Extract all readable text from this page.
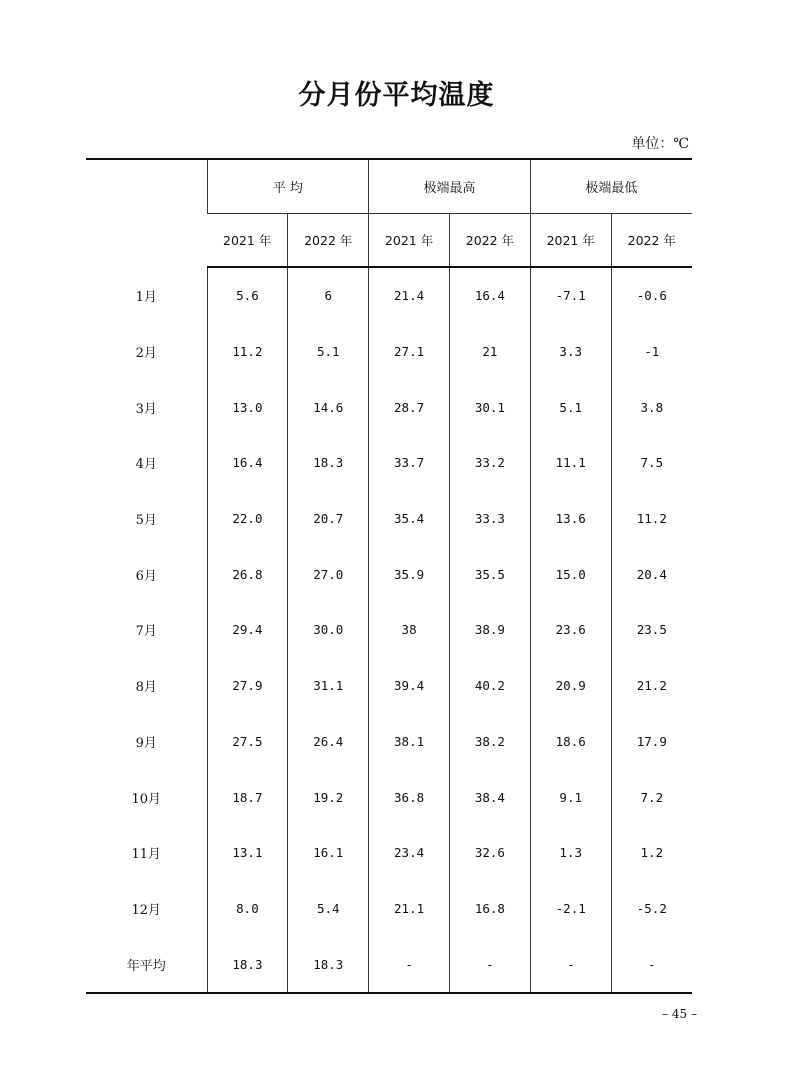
分月份平均温度
单位：℃
	平 均		极端最高		极端最低	
	2021 年	2022 年	2021 年	2022 年	2021 年	2022 年
1月	5.6	6	21.4	16.4	-7.1	-0.6
2月	11.2	5.1	27.1	21	3.3	-1
3月	13.0	14.6	28.7	30.1	5.1	3.8
4月	16.4	18.3	33.7	33.2	11.1	7.5
5月	22.0	20.7	35.4	33.3	13.6	11.2
6月	26.8	27.0	35.9	35.5	15.0	20.4
7月	29.4	30.0	38	38.9	23.6	23.5
8月	27.9	31.1	39.4	40.2	20.9	21.2
9月	27.5	26.4	38.1	38.2	18.6	17.9
10月	18.7	19.2	36.8	38.4	9.1	7.2
11月	13.1	16.1	23.4	32.6	1.3	1.2
12月	8.0	5.4	21.1	16.8	-2.1	-5.2
年平均	18.3	18.3	-	-	-	-
– 45 –
